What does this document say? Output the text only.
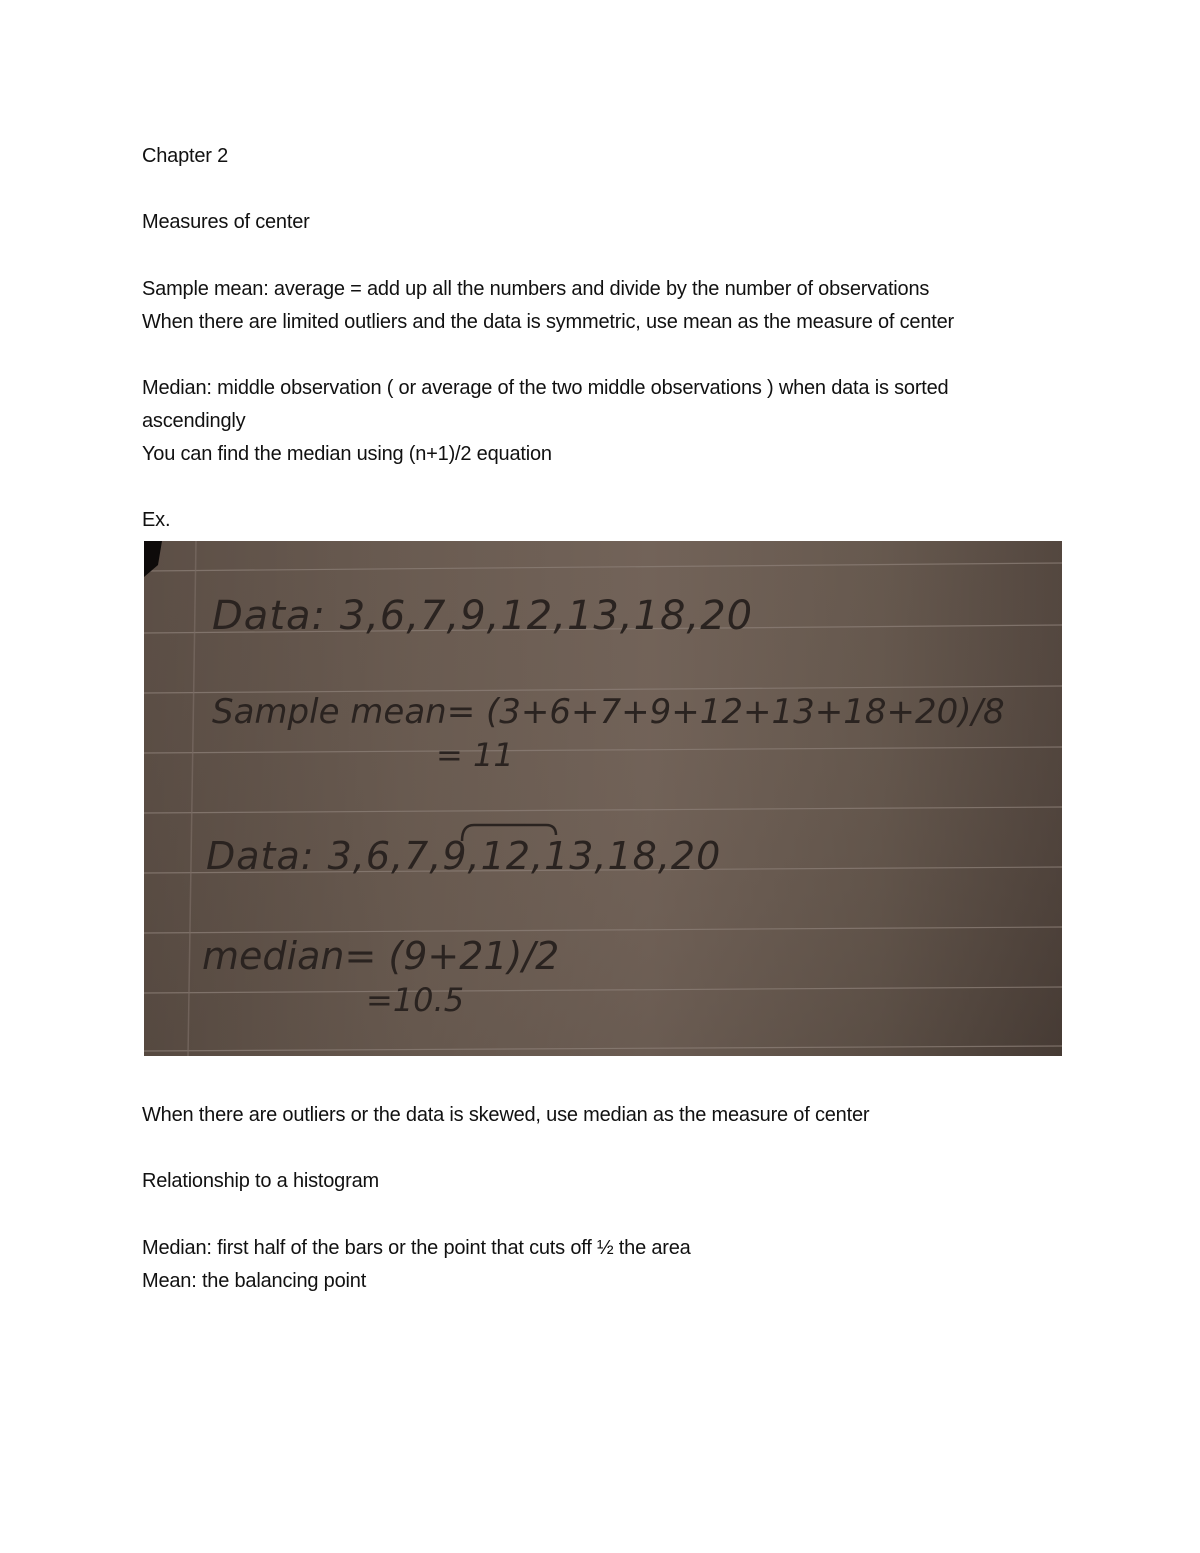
Chapter 2
Measures of center
Sample mean: average = add up all the numbers and divide by the number of observations
When there are limited outliers and the data is symmetric, use mean as the measure of center
Median: middle observation ( or average of the two middle observations ) when data is sorted
ascendingly
You can find the median using (n+1)/2 equation
Ex.
Data: 3,6,7,9,12,13,18,20
Sample mean= (3+6+7+9+12+13+18+20)/8
= 11
Data: 3,6,7,9,12,13,18,20
median= (9+21)/2
=10.5
When there are outliers or the data is skewed, use median as the measure of center
Relationship to a histogram
Median: first half of the bars or the point that cuts off ½ the area
Mean: the balancing point
